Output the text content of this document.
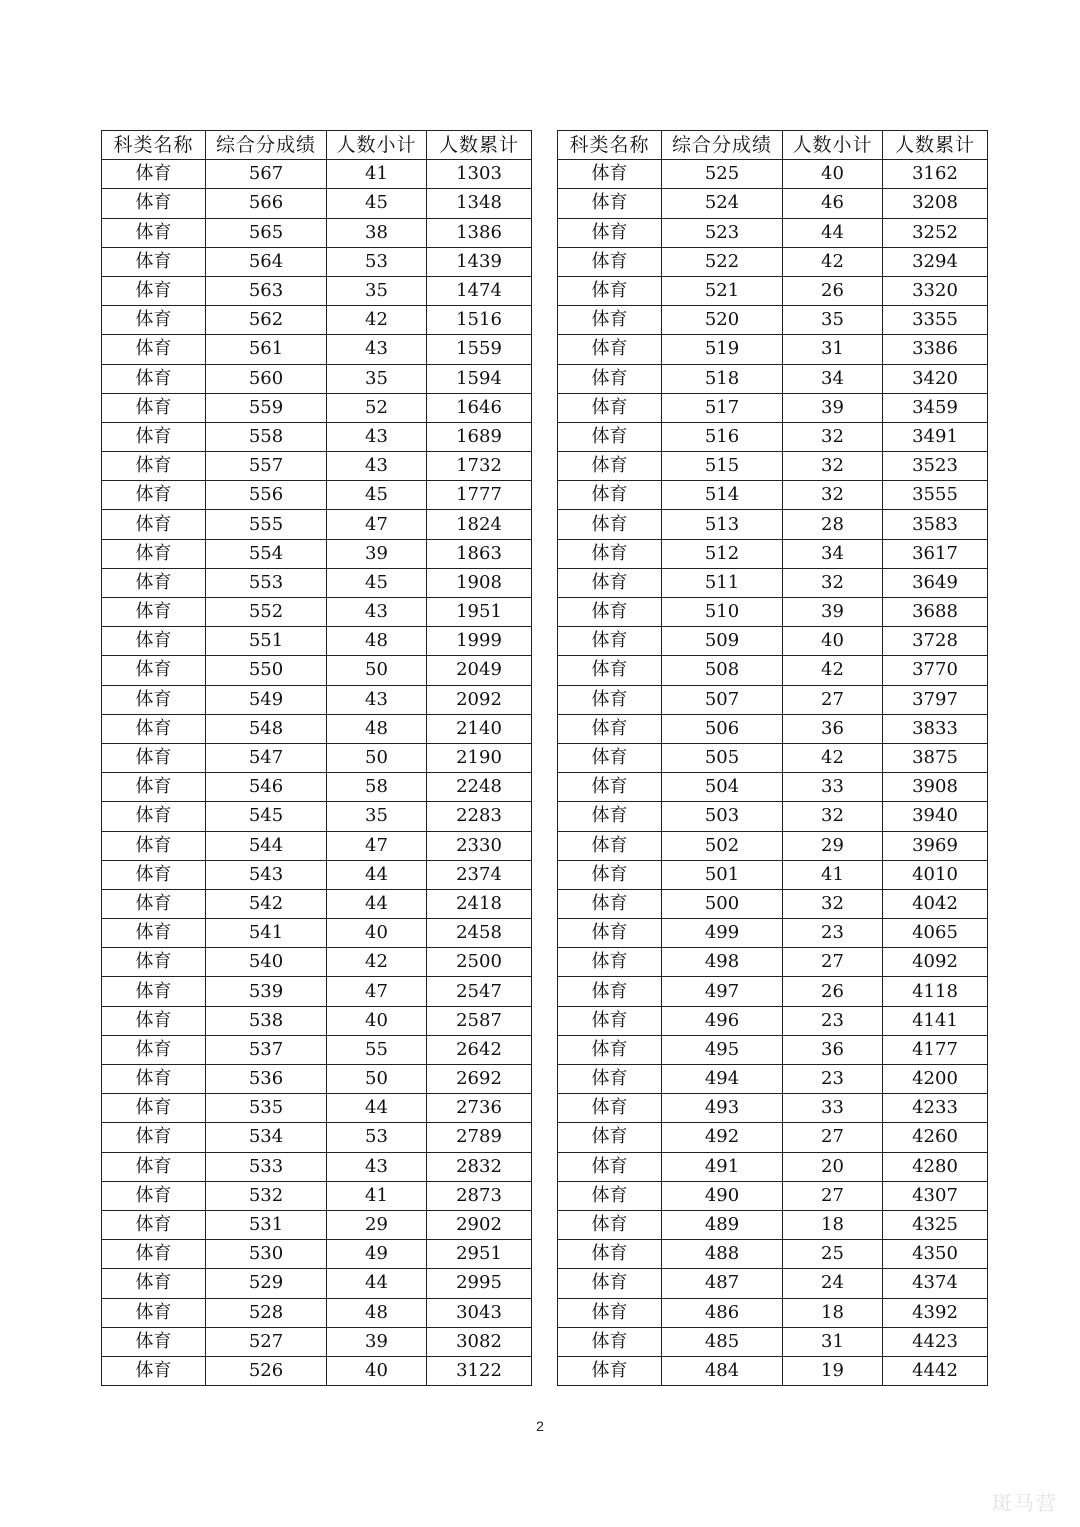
科类名称	综合分成绩	人数小计	人数累计
体育	567	41	1303
体育	566	45	1348
体育	565	38	1386
体育	564	53	1439
体育	563	35	1474
体育	562	42	1516
体育	561	43	1559
体育	560	35	1594
体育	559	52	1646
体育	558	43	1689
体育	557	43	1732
体育	556	45	1777
体育	555	47	1824
体育	554	39	1863
体育	553	45	1908
体育	552	43	1951
体育	551	48	1999
体育	550	50	2049
体育	549	43	2092
体育	548	48	2140
体育	547	50	2190
体育	546	58	2248
体育	545	35	2283
体育	544	47	2330
体育	543	44	2374
体育	542	44	2418
体育	541	40	2458
体育	540	42	2500
体育	539	47	2547
体育	538	40	2587
体育	537	55	2642
体育	536	50	2692
体育	535	44	2736
体育	534	53	2789
体育	533	43	2832
体育	532	41	2873
体育	531	29	2902
体育	530	49	2951
体育	529	44	2995
体育	528	48	3043
体育	527	39	3082
体育	526	40	3122
科类名称	综合分成绩	人数小计	人数累计
体育	525	40	3162
体育	524	46	3208
体育	523	44	3252
体育	522	42	3294
体育	521	26	3320
体育	520	35	3355
体育	519	31	3386
体育	518	34	3420
体育	517	39	3459
体育	516	32	3491
体育	515	32	3523
体育	514	32	3555
体育	513	28	3583
体育	512	34	3617
体育	511	32	3649
体育	510	39	3688
体育	509	40	3728
体育	508	42	3770
体育	507	27	3797
体育	506	36	3833
体育	505	42	3875
体育	504	33	3908
体育	503	32	3940
体育	502	29	3969
体育	501	41	4010
体育	500	32	4042
体育	499	23	4065
体育	498	27	4092
体育	497	26	4118
体育	496	23	4141
体育	495	36	4177
体育	494	23	4200
体育	493	33	4233
体育	492	27	4260
体育	491	20	4280
体育	490	27	4307
体育	489	18	4325
体育	488	25	4350
体育	487	24	4374
体育	486	18	4392
体育	485	31	4423
体育	484	19	4442
2
斑马营
